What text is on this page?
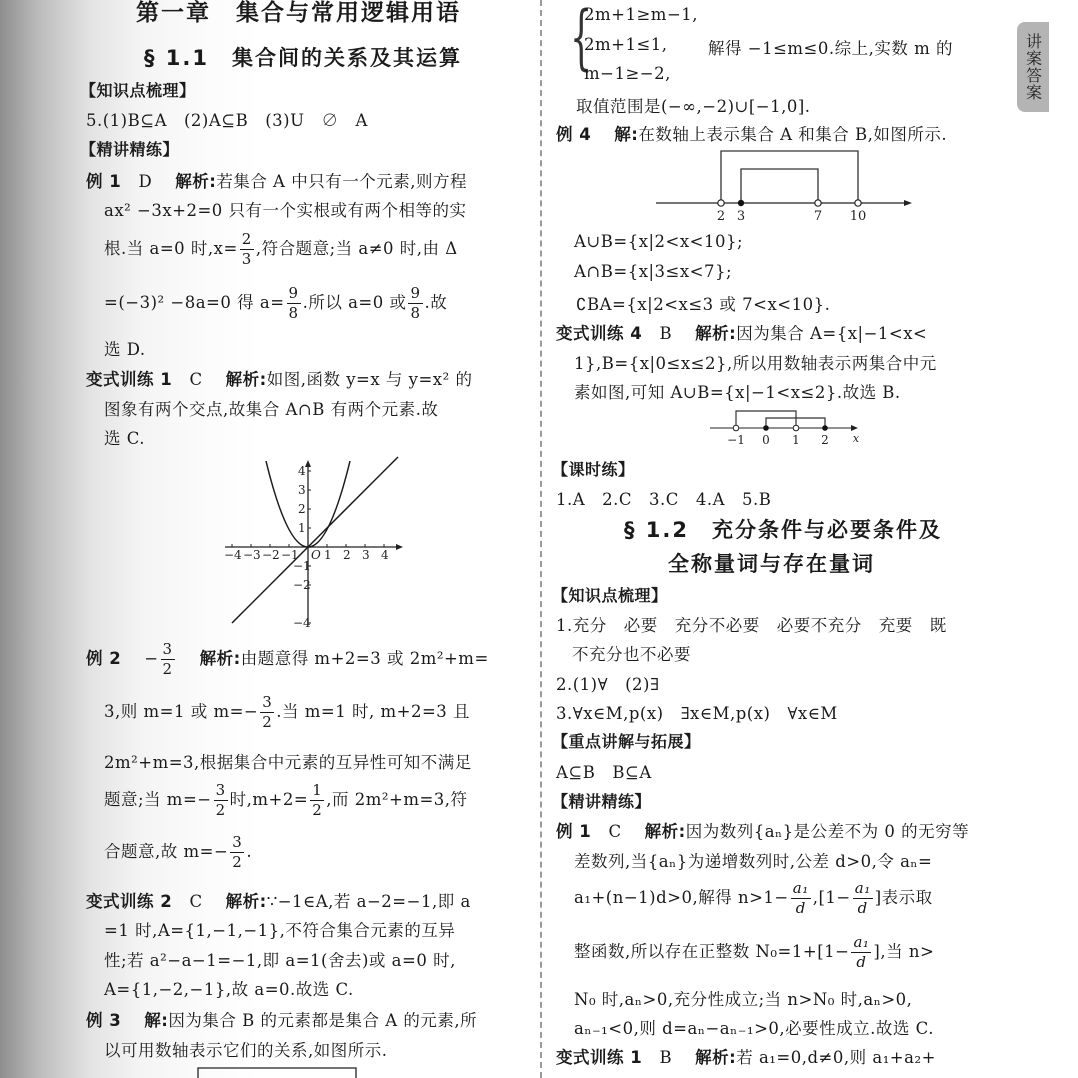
讲案答案
第一章　集合与常用逻辑用语
§ 1.1　集合间的关系及其运算
【知识点梳理】
5.(1)B⊆A　(2)A⊆B　(3)U　∅　A
【精讲精练】
例 1 D 解析:若集合 A 中只有一个元素,则方程
ax² −3x+2=0 只有一个实根或有两个相等的实
根.当 a=0 时$,x= \frac{2}{3}$ ,符合题意;当 a≠0 时,由 Δ
=(−3)² −8a=0 得 $a= \frac{9}{8}$ .所以 a=0 或 $\frac{9}{8}$ .故
选 D.
变式训练 1 C 解析:如图,函数 y=x 与 y=x² 的
图象有两个交点,故集合 A∩B 有两个元素.故
选 C.
−4 −3 −2 −1 O 1 2 3 4
1
2
3
4
−1
−2
−4
例 $2 - \frac{3}{2}$ 解析:由题意得 m+2=3 或 2m²+m=
3,则 m=1 或 $m=- \frac{3}{2}$ .当 m=1 时, m+2=3 且
2m²+m=3,根据集合中元素的互异性可知不满足
题意;当 $m=- \frac{3}{2}$ 时$,m+2= \frac{1}{2}$ ,而 2m²+m=3,符
合题意,故 $m=- \frac{3}{2}$ .
变式训练 2 C 解析:∵−1∈A,若 a−2=−1,即 a
=1 时,A={1,−1,−1},不符合集合元素的互异
性;若 a²−a−1=−1,即 a=1(舍去)或 a=0 时,
A={1,−2,−1},故 a=0.故选 C.
例 3 解:因为集合 B 的元素都是集合 A 的元素,所
以可用数轴表示它们的关系,如图所示.
{
2m+1≥m−1,
2m+1≤1, 解得 −1≤m≤0.综上,实数 m 的
m−1≥−2,
取值范围是(−∞,−2)∪[−1,0].
例 4 解:在数轴上表示集合 A 和集合 B,如图所示.
2 3	7 10
A∪B={x|2<x<10};
A∩B={x|3≤x<7};
∁BA={x|2<x≤3 或 7<x<10}.
变式训练 4 B 解析:因为集合 A={x|−1<x<
1},B={x|0≤x≤2},所以用数轴表示两集合中元
素如图,可知 A∪B={x|−1<x≤2}.故选 B.
−1 0 1 2 x
【课时练】
1.A　2.C　3.C　4.A　5.B
§ 1.2　充分条件与必要条件及
全称量词与存在量词
【知识点梳理】
1.充分　必要　充分不必要　必要不充分　充要　既
不充分也不必要
2.(1)∀　(2)∃
3.∀x∈M,p(x)　∃x∈M,p(x)　∀x∈M
【重点讲解与拓展】
A⊆B　B⊆A
【精讲精练】
例 1 C 解析:因为数列{aₙ}是公差不为 0 的无穷等
差数列,当{aₙ}为递增数列时,公差 d>0,令 aₙ=
a₁+(n−1)d>0,解得 $n>1- \frac{\text{a₁}}{d} ,[1- \frac{\text{a₁}}{d}$ ]表示取
整函数,所以存在正整数 $N_0=1+[1- \frac{\text{a₁}}{d}$ ],当 n>
N₀ 时,aₙ>0,充分性成立;当 n>N₀ 时,aₙ>0,
aₙ₋₁<0,则 d=aₙ−aₙ₋₁>0,必要性成立.故选 C.
变式训练 1 B 解析:若 a₁=0,d≠0,则 a₁+a₂+
